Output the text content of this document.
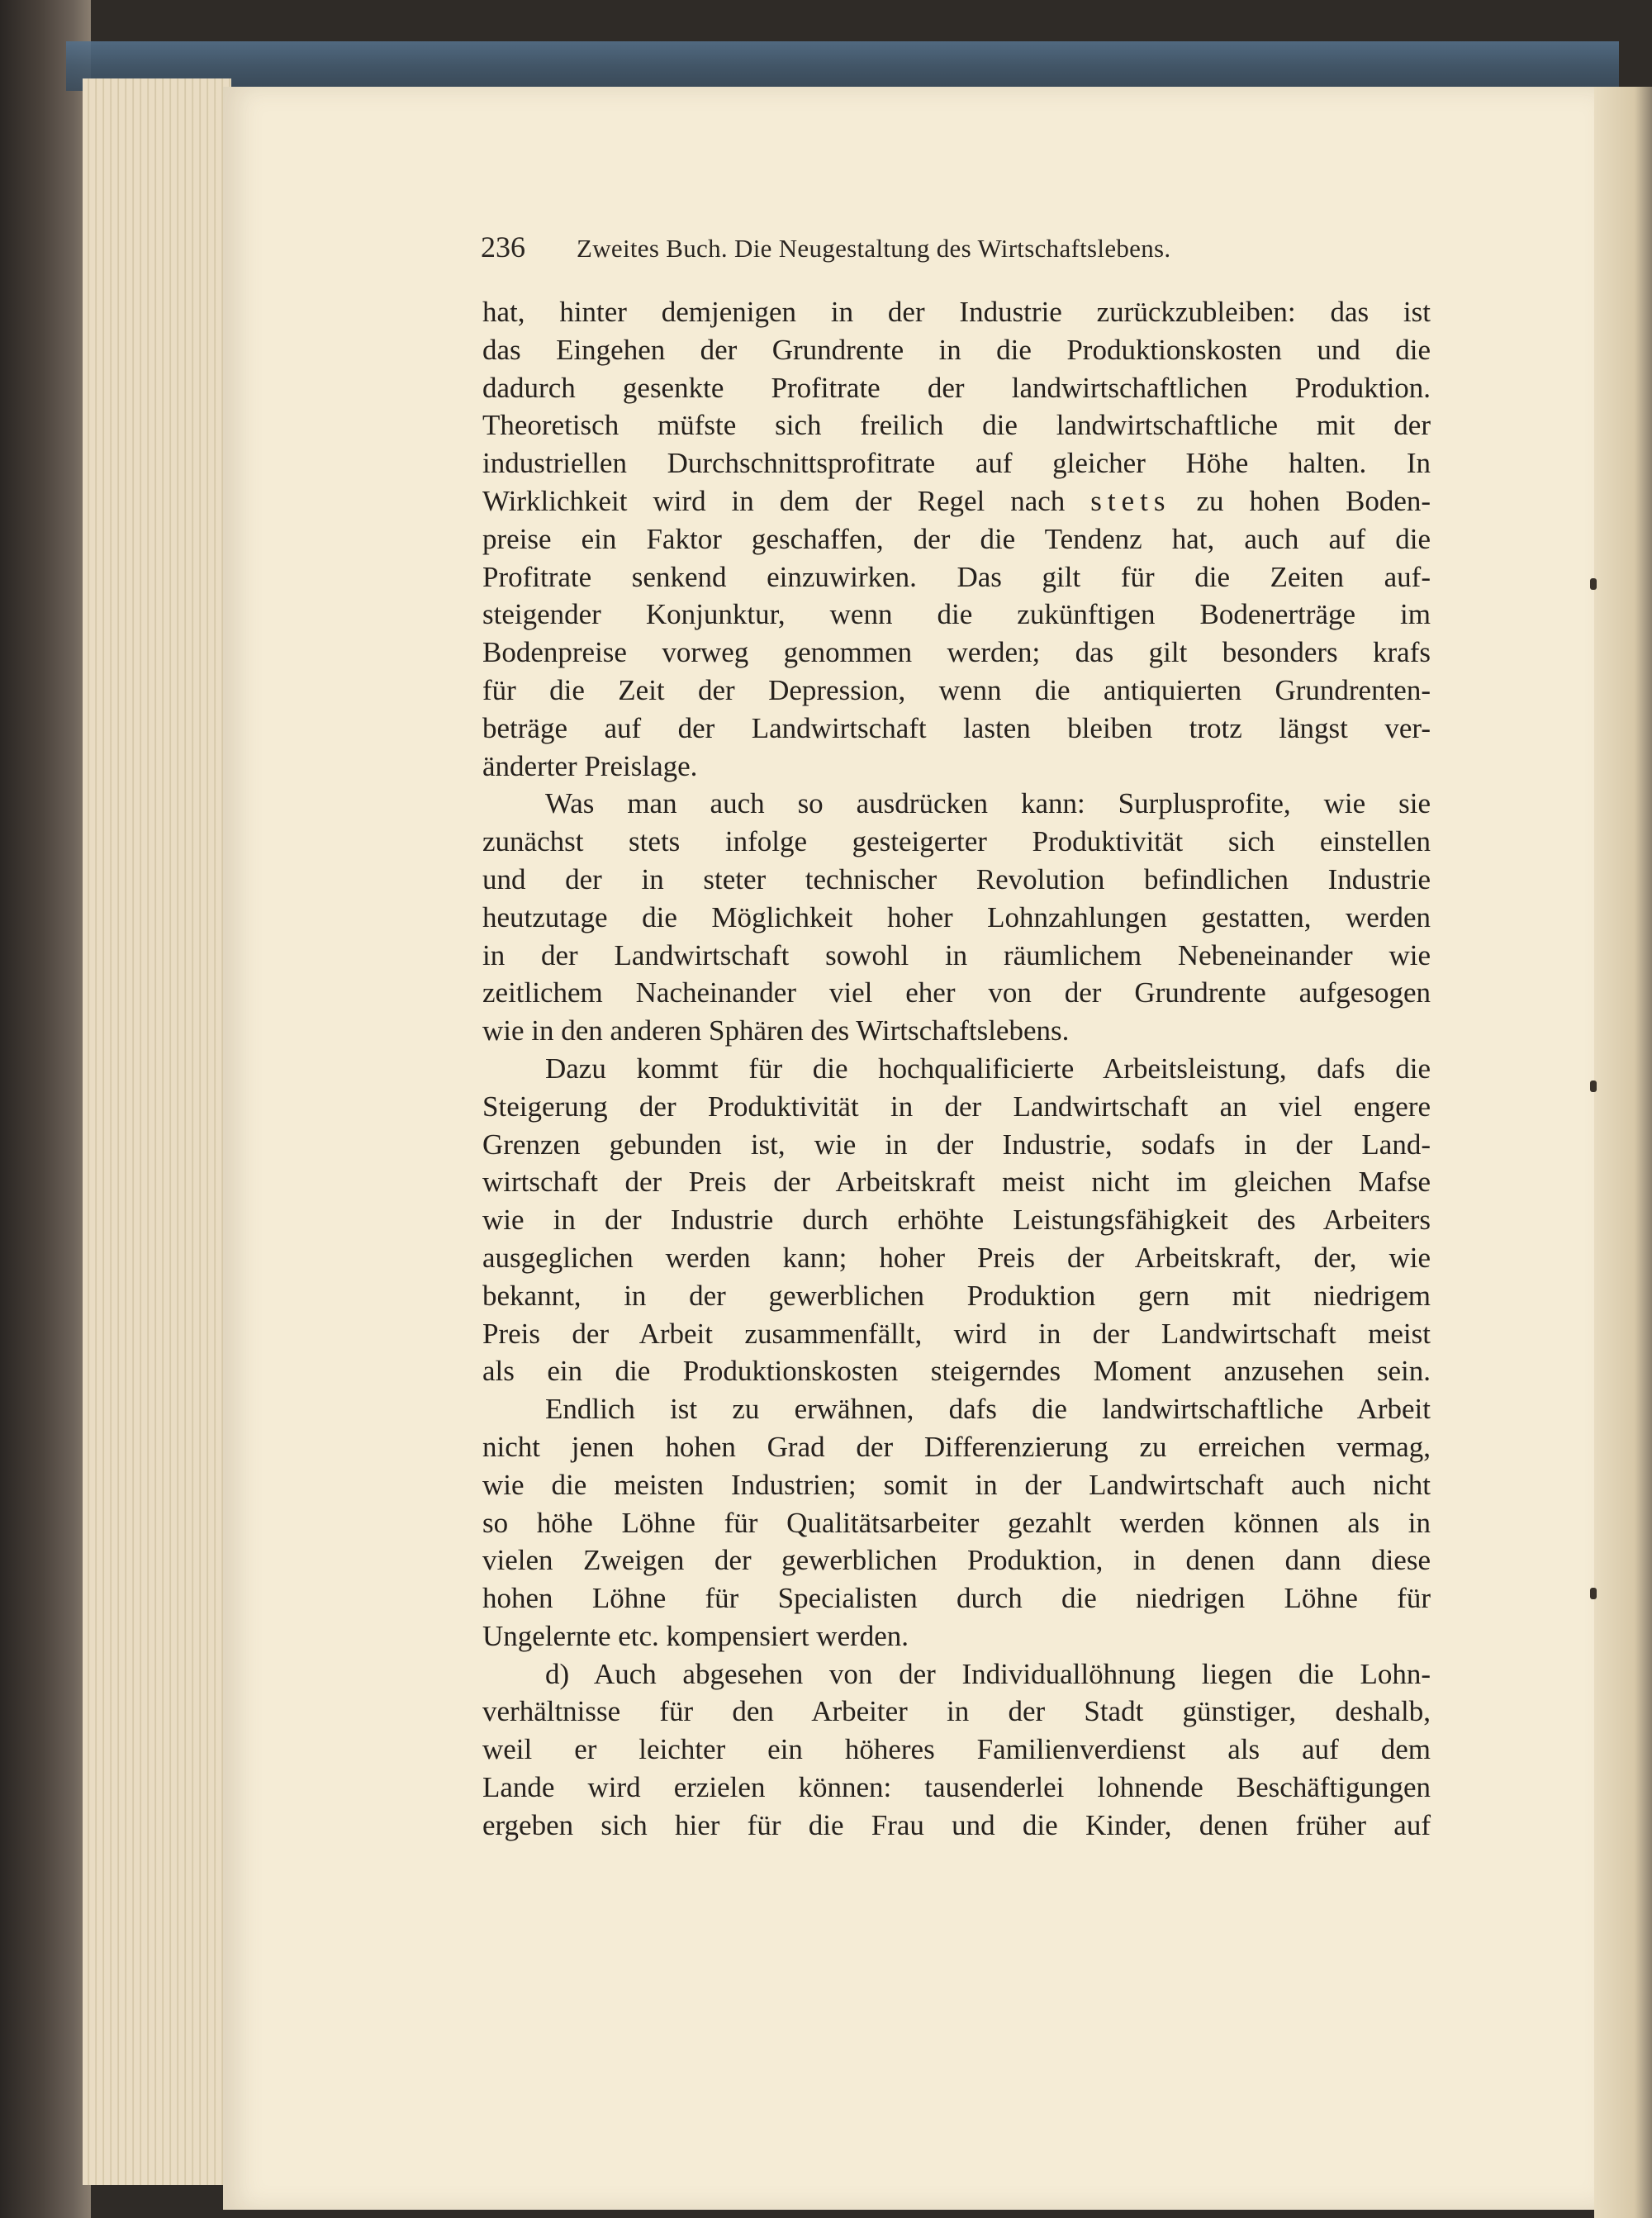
236 Zweites Buch. Die Neugestaltung des Wirtschaftslebens.
hat, hinter demjenigen in der Industrie zurückzubleiben: das ist
das Eingehen der Grundrente in die Produktionskosten und die
dadurch gesenkte Profitrate der landwirtschaftlichen Produktion.
Theoretisch müfste sich freilich die landwirtschaftliche mit der
industriellen Durchschnittsprofitrate auf gleicher Höhe halten. In
Wirklichkeit wird in dem der Regel nach stets zu hohen Boden-
preise ein Faktor geschaffen, der die Tendenz hat, auch auf die
Profitrate senkend einzuwirken. Das gilt für die Zeiten auf-
steigender Konjunktur, wenn die zukünftigen Bodenerträge im
Bodenpreise vorweg genommen werden; das gilt besonders krafs
für die Zeit der Depression, wenn die antiquierten Grundrenten-
beträge auf der Landwirtschaft lasten bleiben trotz längst ver-
änderter Preislage.
Was man auch so ausdrücken kann: Surplusprofite, wie sie
zunächst stets infolge gesteigerter Produktivität sich einstellen
und der in steter technischer Revolution befindlichen Industrie
heutzutage die Möglichkeit hoher Lohnzahlungen gestatten, werden
in der Landwirtschaft sowohl in räumlichem Nebeneinander wie
zeitlichem Nacheinander viel eher von der Grundrente aufgesogen
wie in den anderen Sphären des Wirtschaftslebens.
Dazu kommt für die hochqualificierte Arbeitsleistung, dafs die
Steigerung der Produktivität in der Landwirtschaft an viel engere
Grenzen gebunden ist, wie in der Industrie, sodafs in der Land-
wirtschaft der Preis der Arbeitskraft meist nicht im gleichen Mafse
wie in der Industrie durch erhöhte Leistungsfähigkeit des Arbeiters
ausgeglichen werden kann; hoher Preis der Arbeitskraft, der, wie
bekannt, in der gewerblichen Produktion gern mit niedrigem
Preis der Arbeit zusammenfällt, wird in der Landwirtschaft meist
als ein die Produktionskosten steigerndes Moment anzusehen sein.
Endlich ist zu erwähnen, dafs die landwirtschaftliche Arbeit
nicht jenen hohen Grad der Differenzierung zu erreichen vermag,
wie die meisten Industrien; somit in der Landwirtschaft auch nicht
so höhe Löhne für Qualitätsarbeiter gezahlt werden können als in
vielen Zweigen der gewerblichen Produktion, in denen dann diese
hohen Löhne für Specialisten durch die niedrigen Löhne für
Ungelernte etc. kompensiert werden.
d) Auch abgesehen von der Individuallöhnung liegen die Lohn-
verhältnisse für den Arbeiter in der Stadt günstiger, deshalb,
weil er leichter ein höheres Familienverdienst als auf dem
Lande wird erzielen können: tausenderlei lohnende Beschäftigungen
ergeben sich hier für die Frau und die Kinder, denen früher auf
